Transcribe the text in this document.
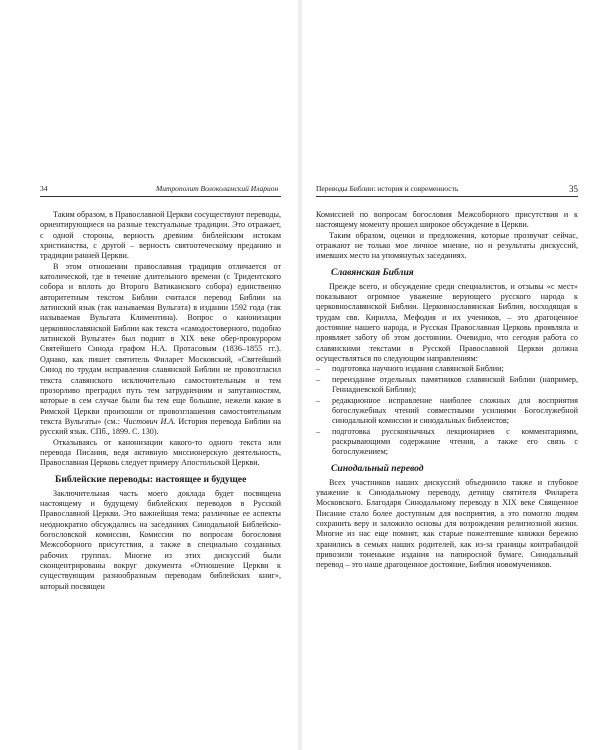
34	Митрополит Волоколамский Иларион

Таким образом, в Православной Церкви сосуществуют переводы, ориентирующиеся на разные текстуальные традиции. Это отражает, с одной стороны, верность древним библейским истокам христианства, с другой – верность святоотеческому преданию и традиции ранней Церкви.

В этом отношении православная традиция отличается от католической, где в течение длительного времени (с Тридентского собора и вплоть до Второго Ватиканского собора) единственно авторитетным текстом Библии считался перевод Библии на латинский язык (так называемая Вульгата) в издании 1592 года (так называемая Вульгата Климентина). Вопрос о канонизации церковнославянской Библии как текста «самодостоверного, подобно латинской Вульгате» был поднят в XIX веке обер-прокурором Святейшего Синода графом Н.А. Протасовым (1836–1855 гг.). Однако, как пишет святитель Филарет Московский, «Святейший Синод по трудам исправления славянской Библии не провозгласил текста славянского исключительно самостоятельным и тем прозорливо преградил путь тем затруднениям и запутанностям, которые в сем случае были бы тем еще большие, нежели какие в Римской Церкви произошли от провозглашения самостоятельным текста Вульгаты» (см.: Чистович И.А. История перевода Библии на русский язык. СПб., 1899. С. 130).

Отказываясь от канонизации какого-то одного текста или перевода Писания, ведя активную миссионерскую деятельность, Православная Церковь следует примеру Апостольской Церкви.

Библейские переводы: настоящее и будущее

Заключительная часть моего доклада будет посвящена настоящему и будущему библейских переводов в Русской Православной Церкви. Это важнейшая тема: различные ее аспекты неоднократно обсуждались на заседаниях Синодальной Библейско-богословской комиссии, Комиссии по вопросам богословия Межсоборного присутствия, а также в специально созданных рабочих группах. Многие из этих дискуссий были сконцентрированы вокруг документа «Отношение Церкви к существующим разнообразным переводам библейских книг», который посвящен

Переводы Библии: история и современность	35

Комиссией по вопросам богословия Межсоборного присутствия и к настоящему моменту прошел широкое обсуждение в Церкви.

Таким образом, оценки и предложения, которые прозвучат сейчас, отражают не только мое личное мнение, но и результаты дискуссий, имевших место на упомянутых заседаниях.

Славянская Библия

Прежде всего, и обсуждение среди специалистов, и отзывы «с мест» показывают огромное уважение верующего русского народа к церковнославянской Библии. Церковнославянская Библия, восходящая к трудам свв. Кирилла, Мефодия и их учеников, – это драгоценное достояние нашего народа, и Русская Православная Церковь проявляла и проявляет заботу об этом достоянии. Очевидно, что сегодня работа со славянскими текстами в Русской Православной Церкви должна осуществляться по следующим направлениям:

–	подготовка научного издания славянской Библии;
–	переиздание отдельных памятников славянской Библии (например, Геннадиевской Библии);
–	редакционное исправление наиболее сложных для восприятия богослужебных чтений совместными усилиями Богослужебной синодальной комиссии и синодальных библеистов;
–	подготовка русскоязычных лекционариев с комментариями, раскрывающими содержание чтения, а также его связь с богослужением;
Синодальный перевод

Всех участников наших дискуссий объединило также и глубокое уважение к Синодальному переводу, детищу святителя Филарета Московского. Благодаря Синодальному переводу в XIX веке Священное Писание стало более доступным для восприятия, а это помогло людям сохранить веру и заложило основы для возрождения религиозной жизни. Многие из нас еще помнят, как старые пожелтевшие книжки бережно хранились в семьях наших родителей, как из-за границы контрабандой привозили тоненькие издания на папиросной бумаге. Синодальный перевод – это наше драгоценное достояние, Библия новомучеников.
